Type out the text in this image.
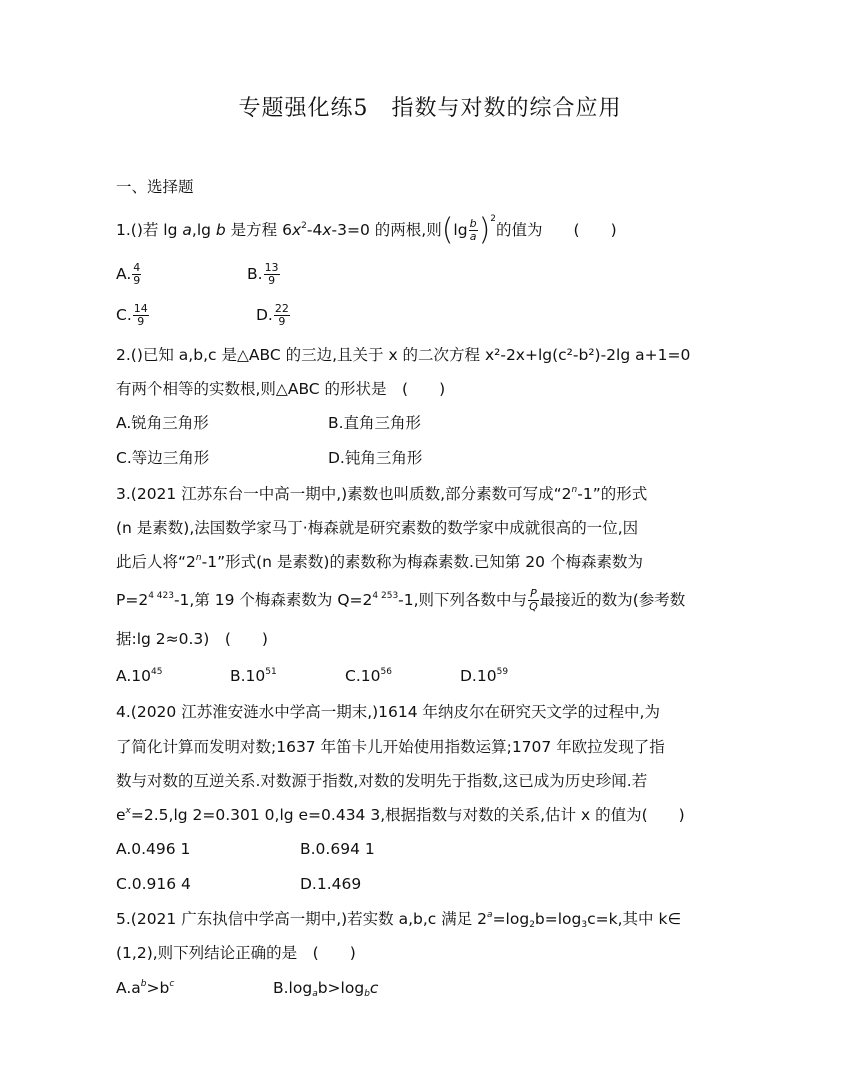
专题强化练5　指数与对数的综合应用
一、选择题
1.()若 lg a,lg b 是方程 $6x^2-4x-3=0$ 的两根,则$(\lg \frac{b}{a} )^2$的值为　　(　　)
A. $\frac{4}{9}$	B. $\frac{13}{9}$
C. $\frac{14}{9}$	D. $\frac{22}{9}$
2.()已知 a,b,c 是△ABC 的三边,且关于 x 的二次方程 x²-2x+lg(c²-b²)-2lg a+1=0
有两个相等的实数根,则△ABC 的形状是　(　　)
A.锐角三角形	B.直角三角形
C.等边三角形	D.钝角三角形
3.(2021 江苏东台一中高一期中,)素数也叫质数,部分素数可写成“2$^n$-1”的形式
(n 是素数),法国数学家马丁·梅森就是研究素数的数学家中成就很高的一位,因
此后人将“2$^n$-1”形式(n 是素数)的素数称为梅森素数.已知第 20 个梅森素数为
$P=2^{4 423}-1$,第 19 个梅森素数为 $Q=2^{4 253}-1$,则下列各数中与 $\frac{P}{Q}$ 最接近的数为(参考数
据:lg 2≈0.3)　(　　)
$A.10^{45}$	$B.10^{51}$	$C.10^{56}$	$D.10^{59}$
4.(2020 江苏淮安涟水中学高一期末,)1614 年纳皮尔在研究天文学的过程中,为
了简化计算而发明对数;1637 年笛卡儿开始使用指数运算;1707 年欧拉发现了指
数与对数的互逆关系.对数源于指数,对数的发明先于指数,这已成为历史珍闻.若
$e^x=2.5,\lg$ 2=0.301 0,lg e=0.434 3,根据指数与对数的关系,估计 x 的值为(　　)
A.0.496 1	B.0.694 1
C.0.916 4	D.1.469
5.(2021 广东执信中学高一期中,)若实数 a,b,c 满足 $2^a=\log_2b=\log_3c=k$,其中 k∈
(1,2),则下列结论正确的是　(　　)
$A.a^b>b^c$	$B.\log_ab>\log_bc$
